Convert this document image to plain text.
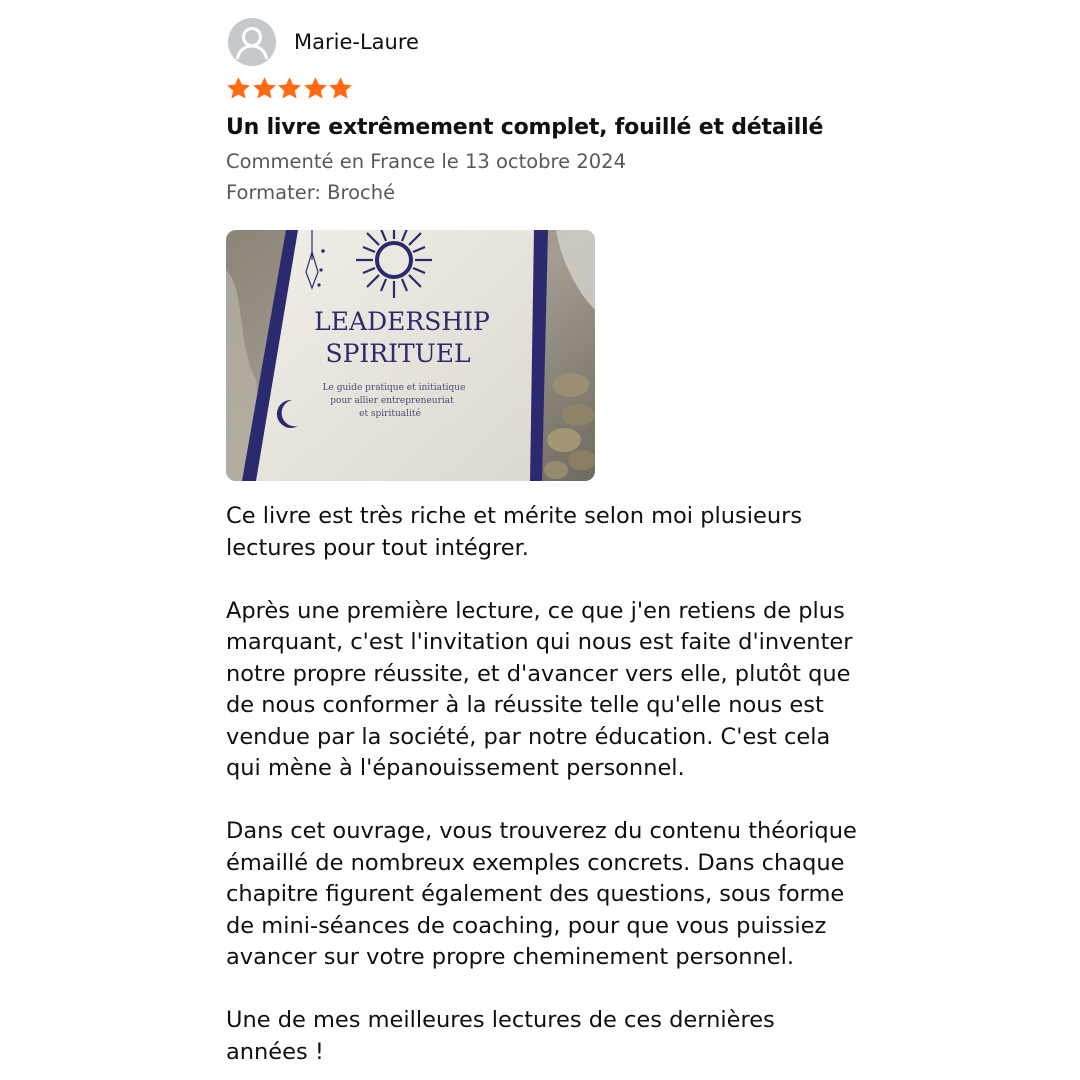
Marie-Laure
Un livre extrêmement complet, fouillé et détaillé
Commenté en France le 13 octobre 2024
Formater: Broché
LEADERSHIP
SPIRITUEL
Le guide pratique et initiatique
pour allier entrepreneuriat
et spiritualité

Ce livre est très riche et mérite selon moi plusieurs
lectures pour tout intégrer.

Après une première lecture, ce que j'en retiens de plus
marquant, c'est l'invitation qui nous est faite d'inventer
notre propre réussite, et d'avancer vers elle, plutôt que
de nous conformer à la réussite telle qu'elle nous est
vendue par la société, par notre éducation. C'est cela
qui mène à l'épanouissement personnel.

Dans cet ouvrage, vous trouverez du contenu théorique
émaillé de nombreux exemples concrets. Dans chaque
chapitre figurent également des questions, sous forme
de mini-séances de coaching, pour que vous puissiez
avancer sur votre propre cheminement personnel.

Une de mes meilleures lectures de ces dernières
années !
